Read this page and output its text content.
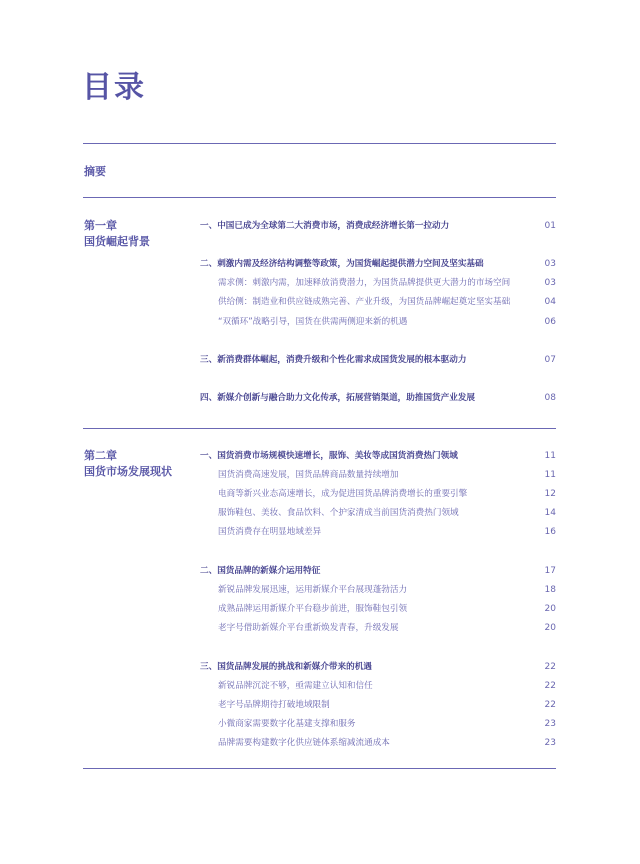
目录
摘要
第一章
国货崛起背景
一、中国已成为全球第二大消费市场，消费成经济增长第一拉动力	01
二、刺激内需及经济结构调整等政策，为国货崛起提供潜力空间及坚实基础	03
需求侧：刺激内需，加速释放消费潜力，为国货品牌提供更大潜力的市场空间	03
供给侧：制造业和供应链成熟完善、产业升级，为国货品牌崛起奠定坚实基础	04
“双循环”战略引导，国货在供需两侧迎来新的机遇	06
三、新消费群体崛起，消费升级和个性化需求成国货发展的根本驱动力	07
四、新媒介创新与融合助力文化传承，拓展营销渠道，助推国货产业发展	08
第二章
国货市场发展现状
一、国货消费市场规模快速增长，服饰、美妆等成国货消费热门领域	11
国货消费高速发展，国货品牌商品数量持续增加	11
电商等新兴业态高速增长，成为促进国货品牌消费增长的重要引擎	12
服饰鞋包、美妆、食品饮料、个护家清成当前国货消费热门领域	14
国货消费存在明显地域差异	16
二、国货品牌的新媒介运用特征	17
新锐品牌发展迅速，运用新媒介平台展现蓬勃活力	18
成熟品牌运用新媒介平台稳步前进，服饰鞋包引领	20
老字号借助新媒介平台重新焕发青春，升级发展	20
三、国货品牌发展的挑战和新媒介带来的机遇	22
新锐品牌沉淀不够，亟需建立认知和信任	22
老字号品牌期待打破地域限制	22
小微商家需要数字化基建支撑和服务	23
品牌需要构建数字化供应链体系缩减流通成本	23
